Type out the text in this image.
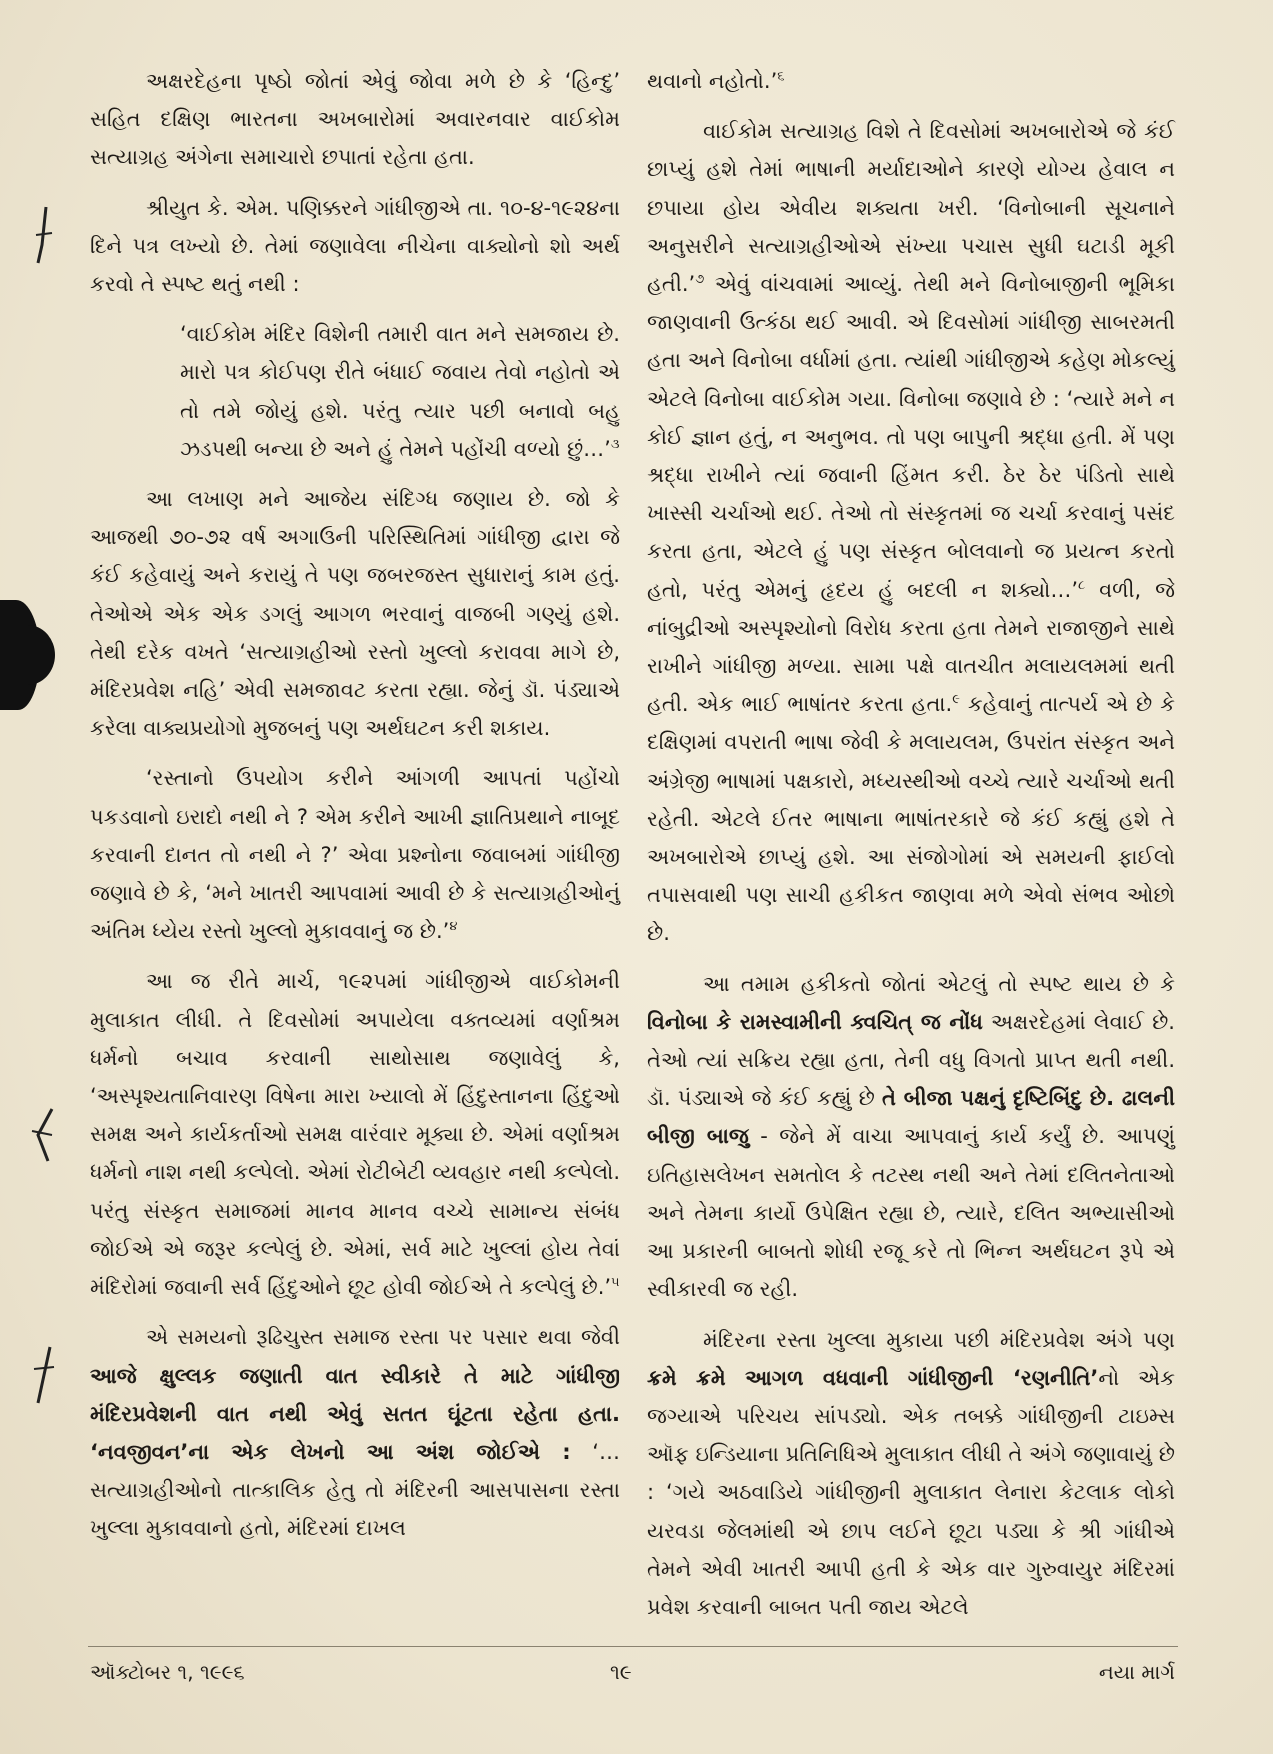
અક્ષરદેહના પૃષ્ઠો જોતાં એવું જોવા મળે છે કે ‘હિન્દુ’ સહિત દક્ષિણ ભારતના અખબારોમાં અવારનવાર વાઈકોમ સત્યાગ્રહ અંગેના સમાચારો છપાતાં રહેતા હતા.

શ્રીયુત કે. એમ. પણિક્કરને ગાંધીજીએ તા. ૧૦-૪-૧૯૨૪ના દિને પત્ર લખ્યો છે. તેમાં જણાવેલા નીચેના વાક્યોનો શો અર્થ કરવો તે સ્પષ્ટ થતું નથી :

‘વાઈકોમ મંદિર વિશેની તમારી વાત મને સમજાય છે. મારો પત્ર કોઈપણ રીતે બંધાઈ જવાય તેવો નહોતો એ તો તમે જોયું હશે. પરંતુ ત્યાર પછી બનાવો બહુ ઝડપથી બન્યા છે અને હું તેમને પહોંચી વળ્યો છું…’$^૩$

આ લખાણ મને આજેય સંદિગ્ધ જણાય છે. જો કે આજથી ૭૦-૭૨ વર્ષ અગાઉની પરિસ્થિતિમાં ગાંધીજી દ્વારા જે કંઈ કહેવાયું અને કરાયું તે પણ જબરજસ્ત સુધારાનું કામ હતું. તેઓએ એક એક ડગલું આગળ ભરવાનું વાજબી ગણ્યું હશે. તેથી દરેક વખતે ‘સત્યાગ્રહીઓ રસ્તો ખુલ્લો કરાવવા માગે છે, મંદિરપ્રવેશ નહિ’ એવી સમજાવટ કરતા રહ્યા. જેનું ડૉ. પંડ્યાએ કરેલા વાક્યપ્રયોગો મુજબનું પણ અર્થઘટન કરી શકાય.

‘રસ્તાનો ઉપયોગ કરીને આંગળી આપતાં પહોંચો પકડવાનો ઇરાદો નથી ને ? એમ કરીને આખી જ્ઞાતિપ્રથાને નાબૂદ કરવાની દાનત તો નથી ને ?’ એવા પ્રશ્નોના જવાબમાં ગાંધીજી જણાવે છે કે, ‘મને ખાતરી આપવામાં આવી છે કે સત્યાગ્રહીઓનું અંતિમ ધ્યેય રસ્તો ખુલ્લો મુકાવવાનું જ છે.’$^૪$

આ જ રીતે માર્ચ, ૧૯૨૫માં ગાંધીજીએ વાઈકોમની મુલાકાત લીધી. તે દિવસોમાં અપાયેલા વક્તવ્યમાં વર્ણાશ્રમ ધર્મનો બચાવ કરવાની સાથોસાથ જણાવેલું કે, ‘અસ્પૃશ્યતાનિવારણ વિષેના મારા ખ્યાલો મેં હિંદુસ્તાનના હિંદુઓ સમક્ષ અને કાર્યકર્તાઓ સમક્ષ વારંવાર મૂક્યા છે. એમાં વર્ણાશ્રમ ધર્મનો નાશ નથી કલ્પેલો. એમાં રોટીબેટી વ્યવહાર નથી કલ્પેલો. પરંતુ સંસ્કૃત સમાજમાં માનવ માનવ વચ્ચે સામાન્ય સંબંધ જોઈએ એ જરૂર કલ્પેલું છે. એમાં, સર્વ માટે ખુલ્લાં હોય તેવાં મંદિરોમાં જવાની સર્વ હિંદુઓને છૂટ હોવી જોઈએ તે કલ્પેલું છે.’$^૫$

એ સમયનો રૂઢિચુસ્ત સમાજ રસ્તા પર પસાર થવા જેવી આજે ક્ષુલ્લક જણાતી વાત સ્વીકારે તે માટે ગાંધીજી મંદિરપ્રવેશની વાત નથી એવું સતત ઘૂંટતા રહેતા હતા. ‘નવજીવન’ના એક લેખનો આ અંશ જોઈએ : ‘…સત્યાગ્રહીઓનો તાત્કાલિક હેતુ તો મંદિરની આસપાસના રસ્તા ખુલ્લા મુકાવવાનો હતો, મંદિરમાં દાખલ

થવાનો નહોતો.’$^૬$

વાઈકોમ સત્યાગ્રહ વિશે તે દિવસોમાં અખબારોએ જે કંઈ છાપ્યું હશે તેમાં ભાષાની મર્યાદાઓને કારણે યોગ્ય હેવાલ ન છપાયા હોય એવીય શક્યતા ખરી. ‘વિનોબાની સૂચનાને અનુસરીને સત્યાગ્રહીઓએ સંખ્યા પચાસ સુધી ઘટાડી મૂકી હતી.’$^૭$ એવું વાંચવામાં આવ્યું. તેથી મને વિનોબાજીની ભૂમિકા જાણવાની ઉત્કંઠા થઈ આવી. એ દિવસોમાં ગાંધીજી સાબરમતી હતા અને વિનોબા વર્ધામાં હતા. ત્યાંથી ગાંધીજીએ કહેણ મોકલ્યું એટલે વિનોબા વાઈકોમ ગયા. વિનોબા જણાવે છે : ‘ત્યારે મને ન કોઈ જ્ઞાન હતું, ન અનુભવ. તો પણ બાપુની શ્રદ્ધા હતી. મેં પણ શ્રદ્ધા રાખીને ત્યાં જવાની હિંમત કરી. ઠેર ઠેર પંડિતો સાથે ખાસ્સી ચર્ચાઓ થઈ. તેઓ તો સંસ્કૃતમાં જ ચર્ચા કરવાનું પસંદ કરતા હતા, એટલે હું પણ સંસ્કૃત બોલવાનો જ પ્રયત્ન કરતો હતો, પરંતુ એમનું હૃદય હું બદલી ન શક્યો…’$^૮$ વળી, જે નાંબુદ્રીઓ અસ્પૃશ્યોનો વિરોધ કરતા હતા તેમને રાજાજીને સાથે રાખીને ગાંધીજી મળ્યા. સામા પક્ષે વાતચીત મલાયલમમાં થતી હતી. એક ભાઈ ભાષાંતર કરતા હતા.$^૯$ કહેવાનું તાત્પર્ય એ છે કે દક્ષિણમાં વપરાતી ભાષા જેવી કે મલાયલમ, ઉપરાંત સંસ્કૃત અને અંગ્રેજી ભાષામાં પક્ષકારો, મધ્યસ્થીઓ વચ્ચે ત્યારે ચર્ચાઓ થતી રહેતી. એટલે ઈતર ભાષાના ભાષાંતરકારે જે કંઈ કહ્યું હશે તે અખબારોએ છાપ્યું હશે. આ સંજોગોમાં એ સમયની ફાઈલો તપાસવાથી પણ સાચી હકીકત જાણવા મળે એવો સંભવ ઓછો છે.

આ તમામ હકીકતો જોતાં એટલું તો સ્પષ્ટ થાય છે કે વિનોબા કે રામસ્વામીની ક્વચિત્ જ નોંધ અક્ષરદેહમાં લેવાઈ છે. તેઓ ત્યાં સક્રિય રહ્યા હતા, તેની વધુ વિગતો પ્રાપ્ત થતી નથી. ડૉ. પંડ્યાએ જે કંઈ કહ્યું છે તે બીજા પક્ષનું દૃષ્ટિબિંદુ છે. ઢાલની બીજી બાજુ - જેને મેં વાચા આપવાનું કાર્ય કર્યું છે. આપણું ઇતિહાસલેખન સમતોલ કે તટસ્થ નથી અને તેમાં દલિતનેતાઓ અને તેમના કાર્યો ઉપેક્ષિત રહ્યા છે, ત્યારે, દલિત અભ્યાસીઓ આ પ્રકારની બાબતો શોધી રજૂ કરે તો ભિન્ન અર્થઘટન રૂપે એ સ્વીકારવી જ રહી.

મંદિરના રસ્તા ખુલ્લા મુકાયા પછી મંદિરપ્રવેશ અંગે પણ ક્રમે ક્રમે આગળ વધવાની ગાંધીજીની ‘રણનીતિ’નો એક જગ્યાએ પરિચય સાંપડ્યો. એક તબક્કે ગાંધીજીની ટાઇમ્સ ઑફ ઇન્ડિયાના પ્રતિનિધિએ મુલાકાત લીધી તે અંગે જણાવાયું છે : ‘ગયે અઠવાડિયે ગાંધીજીની મુલાકાત લેનારા કેટલાક લોકો યરવડા જેલમાંથી એ છાપ લઈને છૂટા પડ્યા કે શ્રી ગાંધીએ તેમને એવી ખાતરી આપી હતી કે એક વાર ગુરુવાયુર મંદિરમાં પ્રવેશ કરવાની બાબત પતી જાય એટલે

ઑક્ટોબર ૧, ૧૯૯૬	૧૯	નયા માર્ગ
